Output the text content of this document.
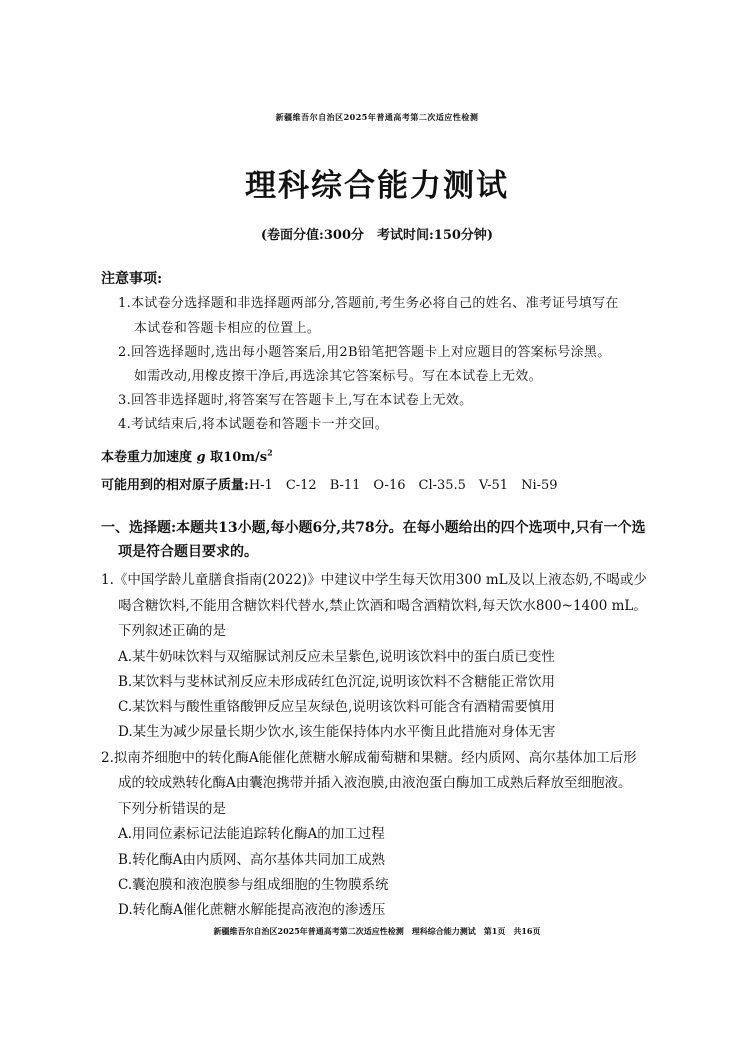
新疆维吾尔自治区2025年普通高考第二次适应性检测
理科综合能力测试
(卷面分值:300分　考试时间:150分钟)
注意事项:
1.本试卷分选择题和非选择题两部分,答题前,考生务必将自己的姓名、准考证号填写在
本试卷和答题卡相应的位置上。
2.回答选择题时,选出每小题答案后,用2B铅笔把答题卡上对应题目的答案标号涂黑。
如需改动,用橡皮擦干净后,再选涂其它答案标号。写在本试卷上无效。
3.回答非选择题时,将答案写在答题卡上,写在本试卷上无效。
4.考试结束后,将本试题卷和答题卡一并交回。
本卷重力加速度 g 取$10m/s^2$
可能用到的相对原子质量:H-1　C-12　B-11　O-16　Cl-35.5　V-51　Ni-59
一、选择题:本题共13小题,每小题6分,共78分。在每小题给出的四个选项中,只有一个选
项是符合题目要求的。
1.《中国学龄儿童膳食指南(2022)》中建议中学生每天饮用300 mL及以上液态奶,不喝或少
喝含糖饮料,不能用含糖饮料代替水,禁止饮酒和喝含酒精饮料,每天饮水800~1400 mL。
下列叙述正确的是
A.某牛奶味饮料与双缩脲试剂反应未呈紫色,说明该饮料中的蛋白质已变性
B.某饮料与斐林试剂反应未形成砖红色沉淀,说明该饮料不含糖能正常饮用
C.某饮料与酸性重铬酸钾反应呈灰绿色,说明该饮料可能含有酒精需要慎用
D.某生为减少尿量长期少饮水,该生能保持体内水平衡且此措施对身体无害
2.拟南芥细胞中的转化酶A能催化蔗糖水解成葡萄糖和果糖。经内质网、高尔基体加工后形
成的较成熟转化酶A由囊泡携带并插入液泡膜,由液泡蛋白酶加工成熟后释放至细胞液。
下列分析错误的是
A.用同位素标记法能追踪转化酶A的加工过程
B.转化酶A由内质网、高尔基体共同加工成熟
C.囊泡膜和液泡膜参与组成细胞的生物膜系统
D.转化酶A催化蔗糖水解能提高液泡的渗透压
新疆维吾尔自治区2025年普通高考第二次适应性检测　理科综合能力测试　第1页　共16页
